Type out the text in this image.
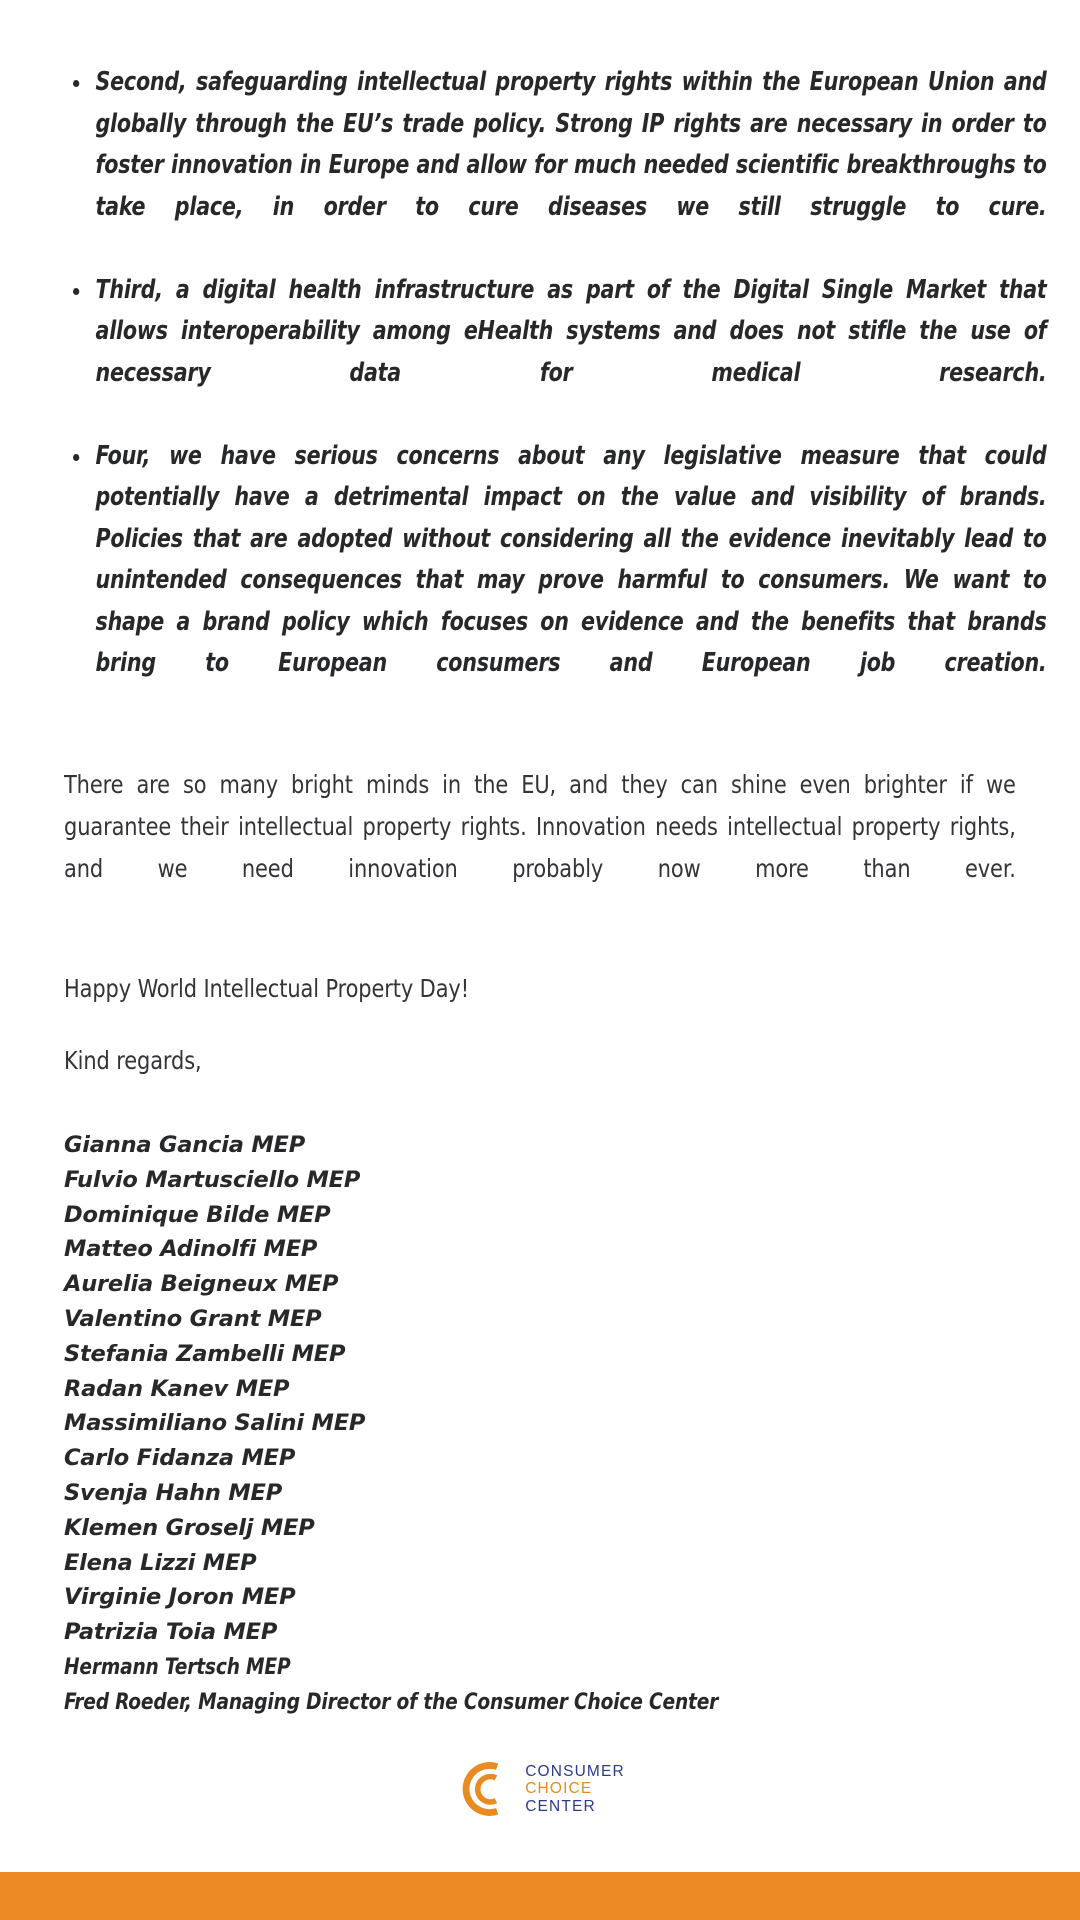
Second, safeguarding intellectual property rights within the European Union and globally through the EU’s trade policy. Strong IP rights are necessary in order to foster innovation in Europe and allow for much needed scientific breakthroughs to take place, in order to cure diseases we still struggle to cure.
Third, a digital health infrastructure as part of the Digital Single Market that allows interoperability among eHealth systems and does not stifle the use of necessary data for medical research.
Four, we have serious concerns about any legislative measure that could potentially have a detrimental impact on the value and visibility of brands. Policies that are adopted without considering all the evidence inevitably lead to unintended consequences that may prove harmful to consumers. We want to shape a brand policy which focuses on evidence and the benefits that brands bring to European consumers and European job creation.

There are so many bright minds in the EU, and they can shine even brighter if we guarantee their intellectual property rights. Innovation needs intellectual property rights, and we need innovation probably now more than ever.

Happy World Intellectual Property Day!

Kind regards,

Gianna Gancia MEP
Fulvio Martusciello MEP
Dominique Bilde MEP
Matteo Adinolfi MEP
Aurelia Beigneux MEP
Valentino Grant MEP
Stefania Zambelli MEP
Radan Kanev MEP
Massimiliano Salini MEP
Carlo Fidanza MEP
Svenja Hahn MEP
Klemen Groselj MEP
Elena Lizzi MEP
Virginie Joron MEP
Patrizia Toia MEP
Hermann Tertsch MEP
Fred Roeder, Managing Director of the Consumer Choice Center
CONSUMER
CHOICE
CENTER
